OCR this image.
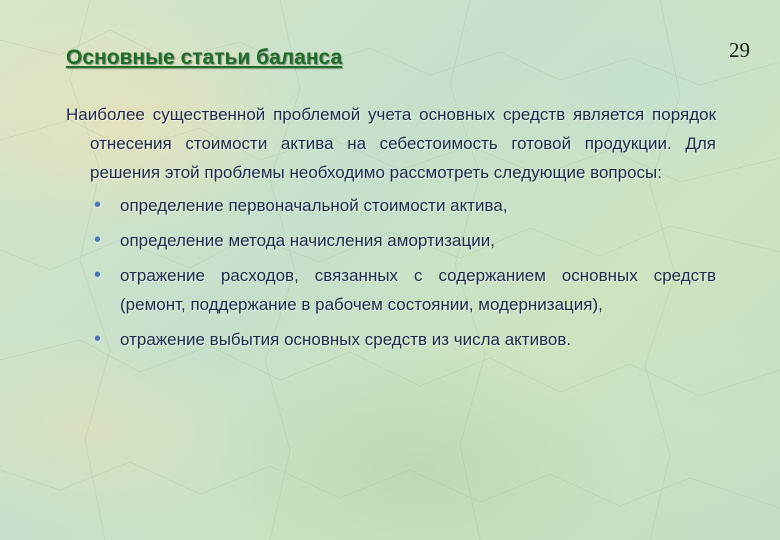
29
Основные статьи баланса

Наиболее существенной проблемой учета основных средств является порядок отнесения стоимости актива на себестоимость готовой продукции. Для решения этой проблемы необходимо рассмотреть следующие вопросы:

• определение первоначальной стоимости актива,
• определение метода начисления амортизации,
• отражение расходов, связанных с содержанием основных средств (ремонт, поддержание в рабочем состоянии, модернизация),
• отражение выбытия основных средств из числа активов.
